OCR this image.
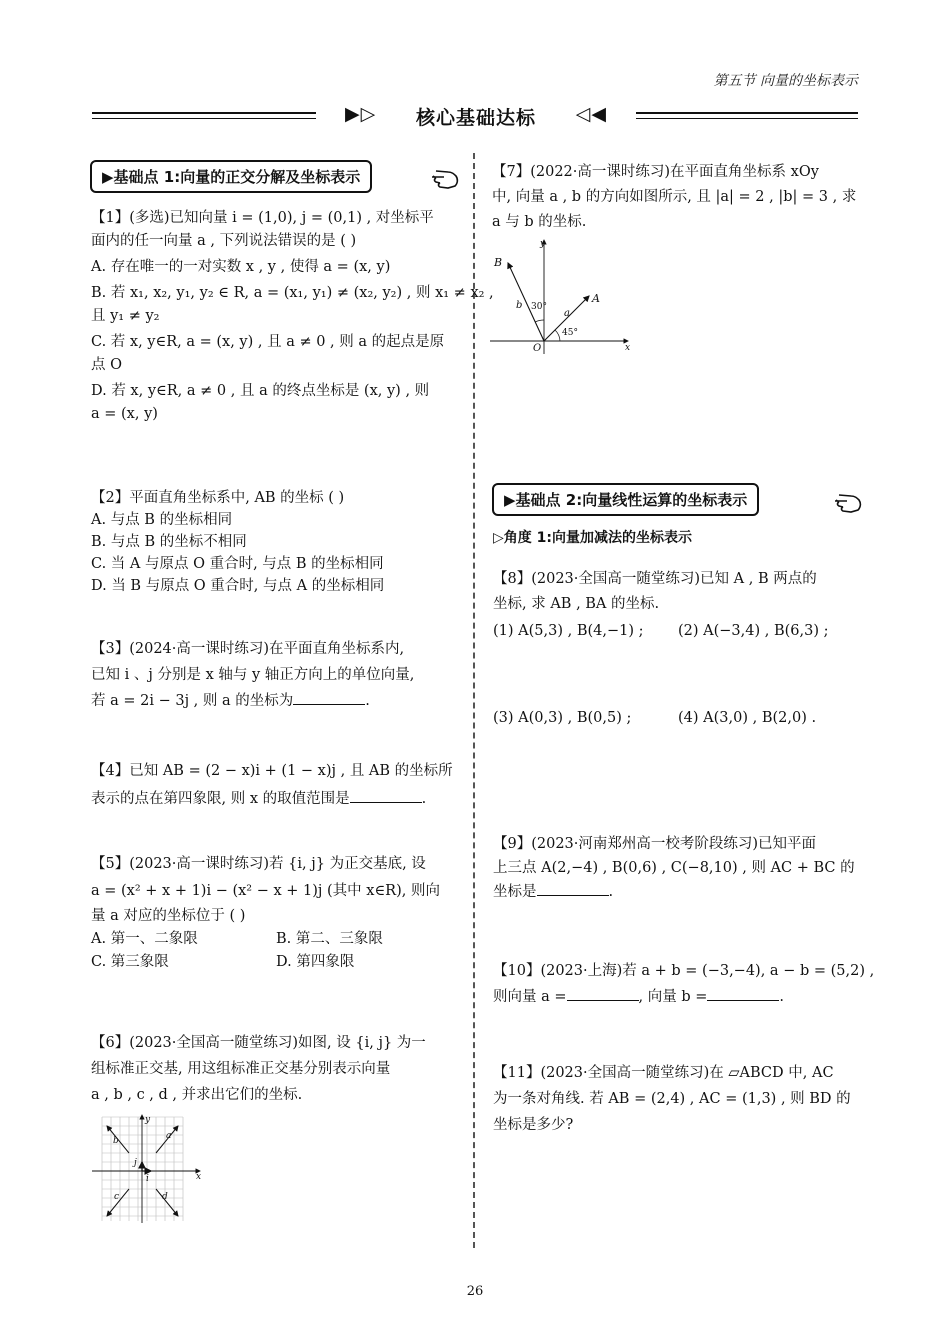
第五节 向量的坐标表示
▶▷ 核心基础达标 ◁◀
▶基础点 1:向量的正交分解及坐标表示
【1】(多选)已知向量 i = (1,0), j = (0,1) , 对坐标平
面内的任一向量 a , 下列说法错误的是 ( )
A. 存在唯一的一对实数 x , y , 使得 a = (x, y)
B. 若 x₁, x₂, y₁, y₂ ∈ R, a = (x₁, y₁) ≠ (x₂, y₂) , 则 x₁ ≠ x₂ ,
且 y₁ ≠ y₂
C. 若 x, y∈R, a = (x, y) , 且 a ≠ 0 , 则 a 的起点是原
点 O
D. 若 x, y∈R, a ≠ 0 , 且 a 的终点坐标是 (x, y) , 则
a = (x, y)
【2】平面直角坐标系中, AB 的坐标 ( )
A. 与点 B 的坐标相同
B. 与点 B 的坐标不相同
C. 当 A 与原点 O 重合时, 与点 B 的坐标相同
D. 当 B 与原点 O 重合时, 与点 A 的坐标相同
【3】(2024·高一课时练习)在平面直角坐标系内,
已知 i 、j 分别是 x 轴与 y 轴正方向上的单位向量,
若 a = 2i − 3j , 则 a 的坐标为	.
【4】已知 AB = (2 − x)i + (1 − x)j , 且 AB 的坐标所
表示的点在第四象限, 则 x 的取值范围是	.
【5】(2023·高一课时练习)若 {i, j} 为正交基底, 设
a = (x² + x + 1)i − (x² − x + 1)j (其中 x∈R), 则向
量 a 对应的坐标位于 ( )
A. 第一、二象限	B. 第二、三象限
C. 第三象限	D. 第四象限
【6】(2023·全国高一随堂练习)如图, 设 {i, j} 为一
组标准正交基, 用这组标准正交基分别表示向量
a , b , c , d , 并求出它们的坐标.
a
b
c	d
i
j
x
y
【7】(2022·高一课时练习)在平面直角坐标系 xOy
中, 向量 a , b 的方向如图所示, 且 |a| = 2 , |b| = 3 , 求
a 与 b 的坐标.
B
A
b
a
30°
45°
O	x
y
▶基础点 2:向量线性运算的坐标表示
▷角度 1:向量加减法的坐标表示
【8】(2023·全国高一随堂练习)已知 A , B 两点的
坐标, 求 AB , BA 的坐标.
(1) A(5,3) , B(4,−1) ; (2) A(−3,4) , B(6,3) ;
(3) A(0,3) , B(0,5) ;	(4) A(3,0) , B(2,0) .
【9】(2023·河南郑州高一校考阶段练习)已知平面
上三点 A(2,−4) , B(0,6) , C(−8,10) , 则 AC + BC 的
坐标是	.
【10】(2023·上海)若 a + b = (−3,−4), a − b = (5,2) ,
则向量 a =	, 向量 b =	.
【11】(2023·全国高一随堂练习)在 ▱ABCD 中, AC
为一条对角线. 若 AB = (2,4) , AC = (1,3) , 则 BD 的
坐标是多少?
26
